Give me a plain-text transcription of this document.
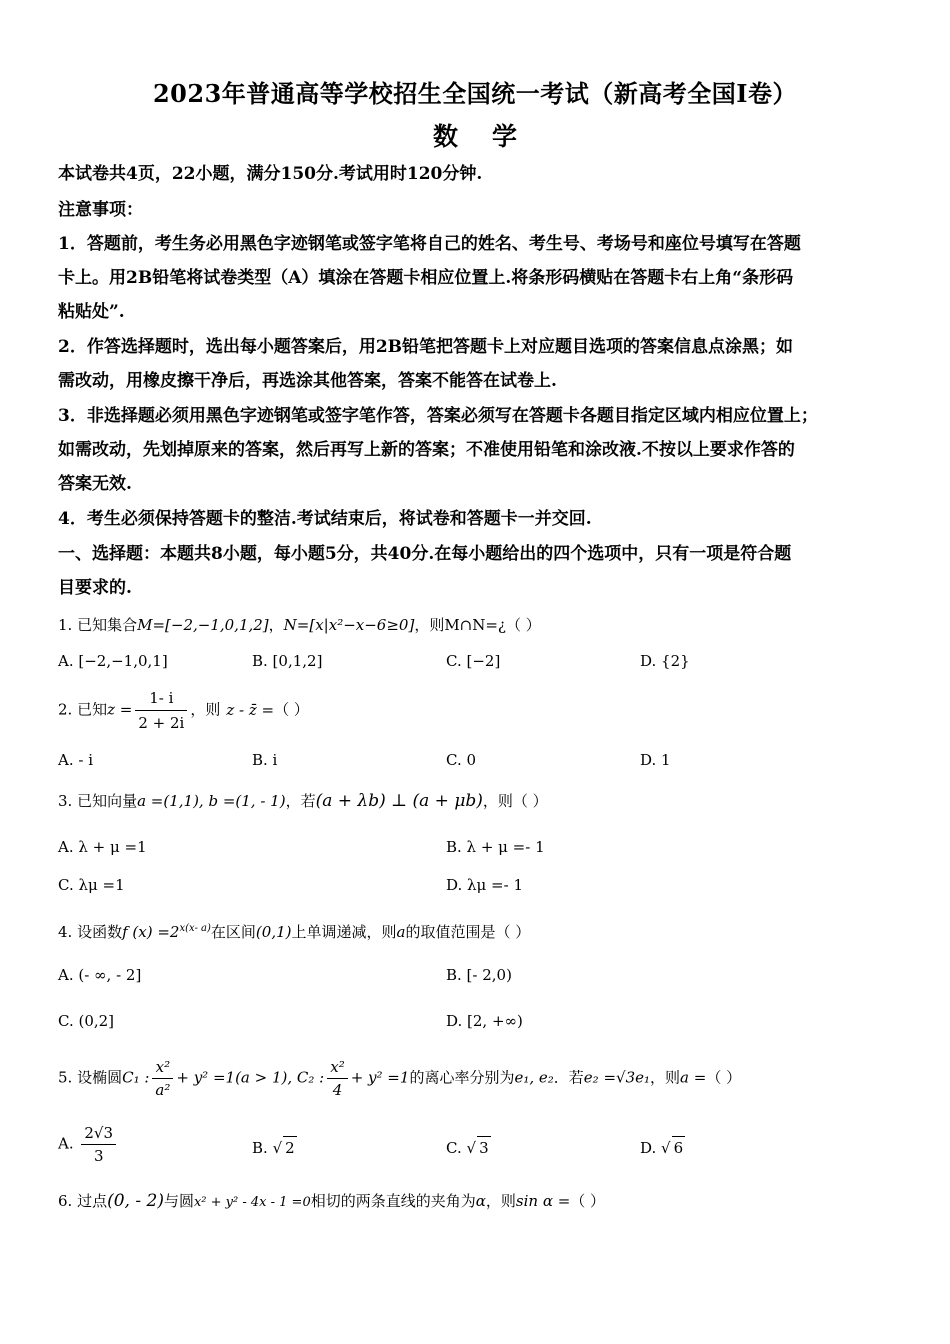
2023年普通高等学校招生全国统一考试（新高考全国Ⅰ卷）
数学
本试卷共4页，22小题，满分150分.考试用时120分钟.
注意事项：
1．答题前，考生务必用黑色字迹钢笔或签字笔将自己的姓名、考生号、考场号和座位号填写在答题
卡上。用2B铅笔将试卷类型（A）填涂在答题卡相应位置上.将条形码横贴在答题卡右上角“条形码
粘贴处”.
2．作答选择题时，选出每小题答案后，用2B铅笔把答题卡上对应题目选项的答案信息点涂黑；如
需改动，用橡皮擦干净后，再选涂其他答案，答案不能答在试卷上.
3．非选择题必须用黑色字迹钢笔或签字笔作答，答案必须写在答题卡各题目指定区域内相应位置上；
如需改动，先划掉原来的答案，然后再写上新的答案；不准使用铅笔和涂改液.不按以上要求作答的
答案无效.
4．考生必须保持答题卡的整洁.考试结束后，将试卷和答题卡一并交回.
一、选择题：本题共8小题，每小题5分，共40分.在每小题给出的四个选项中，只有一项是符合题
目要求的.
1. 已知集合M=[−2,−1,0,1,2]，N=[x|x²−x−6≥0]，则M∩N=¿（ ）
A. [−2,−1,0,1]	B. [0,1,2]	C. [−2]	D. {2}
2. 已知$z = \frac{1- i}{2 + 2i}$ ，则 z - z̄ =（ ）
A. - i	B. i	C. 0	D. 1
3. 已知向量a =(1,1), b =(1, - 1)，若(a + λb) ⊥ (a + μb)，则（ ）
A. λ + μ =1	B. λ + μ =- 1
C. λμ =1	D. λμ =- 1
4. 设函数f $(x) =2^{x(x- a)}$在区间(0,1)上单调递减，则a的取值范围是（ ）
A. (- ∞, - 2]	B. [- 2,0)
C. (0,2]	D. [2, +∞)
5. 设椭圆C₁ : $\frac{\text{x²}}{\text{a²}} + y^2 =1(a > 1)$, C₂ : $\frac{\text{x²}}{4} + y^2 =1$的离心率分别为e₁, e₂．若e₂ =√3e₁，则a =（ ）
A. $\frac{2√3}{3}$	B. √ 2	C. √ 3	D. √ 6
6. 过点(0, - 2)与圆x² + y² - 4x - 1 =0相切的两条直线的夹角为α，则sin α =（ ）
